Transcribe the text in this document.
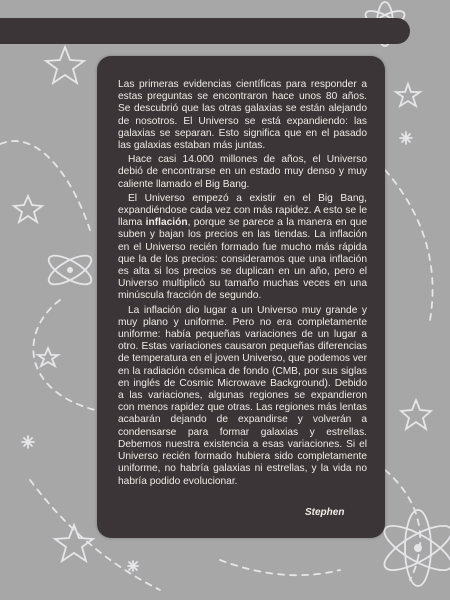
Las primeras evidencias científicas para responder a estas preguntas se encontraron hace unos 80 años. Se descubrió que las otras galaxias se están alejando de nosotros. El Universo se está expandiendo: las galaxias se separan. Esto significa que en el pasado las galaxias estaban más juntas.

Hace casi 14.000 millones de años, el Universo debió de encontrarse en un estado muy denso y muy caliente llamado el Big Bang.

El Universo empezó a existir en el Big Bang, expandiéndose cada vez con más rapidez. A esto se le llama inflación, porque se parece a la manera en que suben y bajan los precios en las tiendas. La inflación en el Universo recién formado fue mucho más rápida que la de los precios: consideramos que una inflación es alta si los precios se duplican en un año, pero el Universo multiplicó su tamaño muchas veces en una minúscula fracción de segundo.

La inflación dio lugar a un Universo muy grande y muy plano y uniforme. Pero no era completamente uniforme: había pequeñas variaciones de un lugar a otro. Estas variaciones causaron pequeñas diferencias de temperatura en el joven Universo, que podemos ver en la radiación cósmica de fondo (CMB, por sus siglas en inglés de Cosmic Microwave Background). Debido a las variaciones, algunas regiones se expandieron con menos rapidez que otras. Las regiones más lentas acabarán dejando de expandirse y volverán a condensarse para formar galaxias y estrellas. Debemos nuestra existencia a esas variaciones. Si el Universo recién formado hubiera sido completamente uniforme, no habría galaxias ni estrellas, y la vida no habría podido evolucionar.

Stephen
